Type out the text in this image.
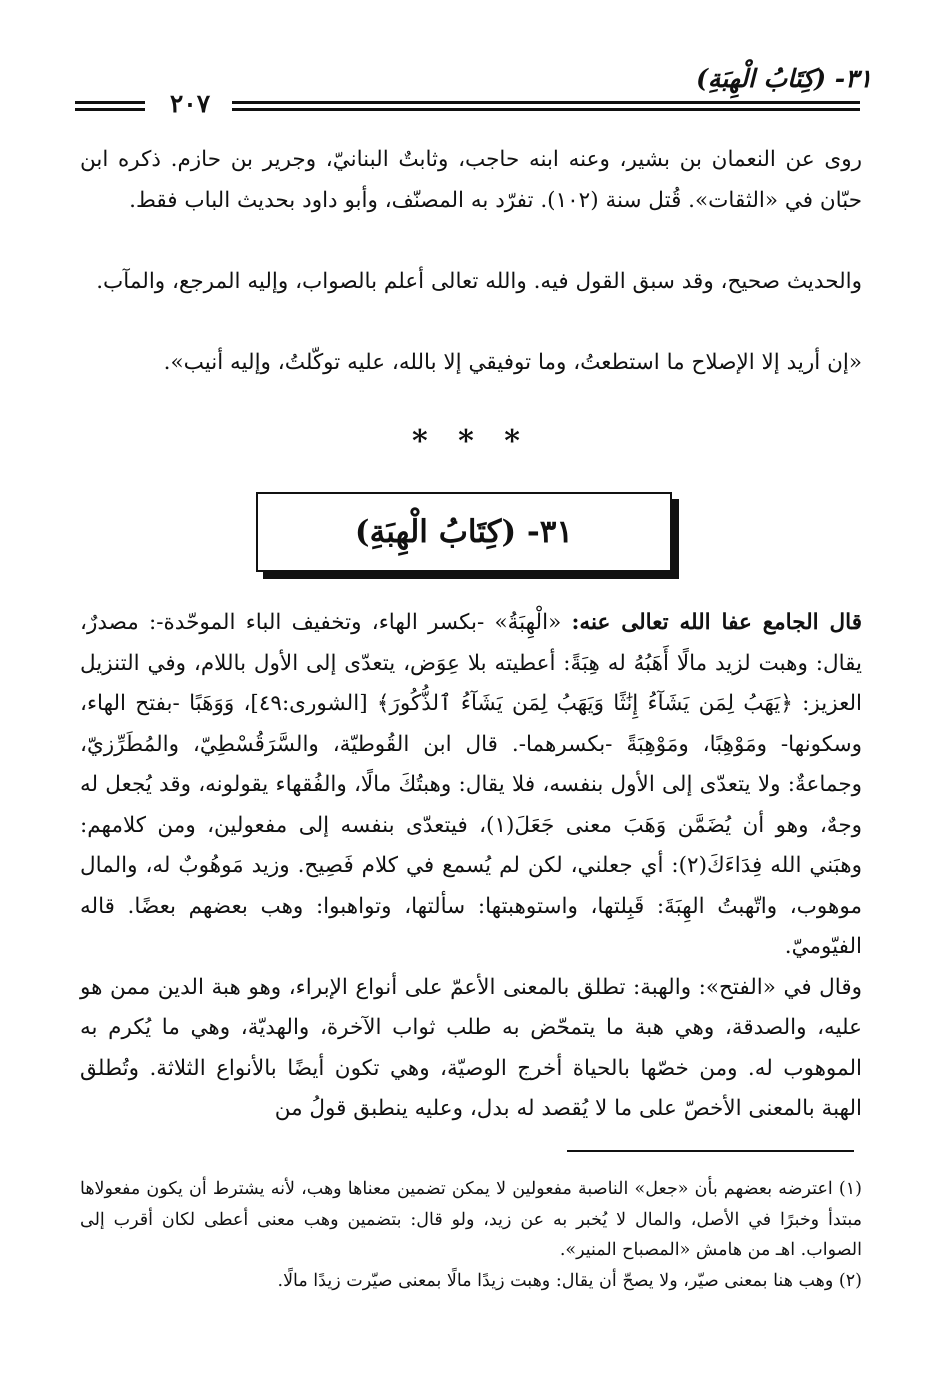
٣١- (كِتَابُ الْهِبَةِ)
٢٠٧

روى عن النعمان بن بشير، وعنه ابنه حاجب، وثابتٌ البنانيّ، وجرير بن حازم. ذكره ابن حبّان في «الثقات». قُتل سنة (١٠٢). تفرّد به المصنّف، وأبو داود بحديث الباب فقط.

والحديث صحيح، وقد سبق القول فيه. والله تعالى أعلم بالصواب، وإليه المرجع، والمآب.

«إن أريد إلا الإصلاح ما استطعتُ، وما توفيقي إلا بالله، عليه توكّلتُ، وإليه أنيب».

* * *
٣١- (كِتَابُ الْهِبَةِ)

قال الجامع عفا الله تعالى عنه: «الْهِبَةُ» -بكسر الهاء، وتخفيف الباء الموحّدة-: مصدرٌ، يقال: وهبت لزيد مالًا أَهَبُهُ له هِبَةً: أعطيته بلا عِوَض، يتعدّى إلى الأول باللام، وفي التنزيل العزيز: ﴿يَهَبُ لِمَن يَشَآءُ إِنَٰثًا وَيَهَبُ لِمَن يَشَآءُ ٱلذُّكُورَ﴾ [الشورى:٤٩]، وَوَهَبًا -بفتح الهاء، وسكونها- ومَوْهِبًا، ومَوْهِبَةً -بكسرهما-. قال ابن القُوطيّة، والسَّرَقُسْطِيّ، والمُطَرِّزيّ، وجماعةٌ: ولا يتعدّى إلى الأول بنفسه، فلا يقال: وهبتُكَ مالًا، والفُقهاء يقولونه، وقد يُجعل له وجهٌ، وهو أن يُضَمَّن وَهَبَ معنى جَعَلَ(١)، فيتعدّى بنفسه إلى مفعولين، ومن كلامهم: وهبَني الله فِدَاءَكَ(٢): أي جعلني، لكن لم يُسمع في كلام فَصِيح. وزيد مَوهُوبٌ له، والمال موهوب، واتّهبتُ الهِبَةَ: قَبِلتها، واستوهبتها: سألتها، وتواهبوا: وهب بعضهم بعضًا. قاله الفيّوميّ.

وقال في «الفتح»: والهبة: تطلق بالمعنى الأعمّ على أنواع الإبراء، وهو هبة الدين ممن هو عليه، والصدقة، وهي هبة ما يتمحّض به طلب ثواب الآخرة، والهديّة، وهي ما يُكرم به الموهوب له. ومن خصّها بالحياة أخرج الوصيّة، وهي تكون أيضًا بالأنواع الثلاثة. وتُطلق الهبة بالمعنى الأخصّ على ما لا يُقصد له بدل، وعليه ينطبق قولُ من

(١) اعترضه بعضهم بأن «جعل» الناصبة مفعولين لا يمكن تضمين معناها وهب، لأنه يشترط أن يكون مفعولاها مبتدأ وخبرًا في الأصل، والمال لا يُخبر به عن زيد، ولو قال: بتضمين وهب معنى أعطى لكان أقرب إلى الصواب. اهـ من هامش «المصباح المنير».

(٢) وهب هنا بمعنى صيّر، ولا يصحّ أن يقال: وهبت زيدًا مالًا بمعنى صيّرت زيدًا مالًا.
